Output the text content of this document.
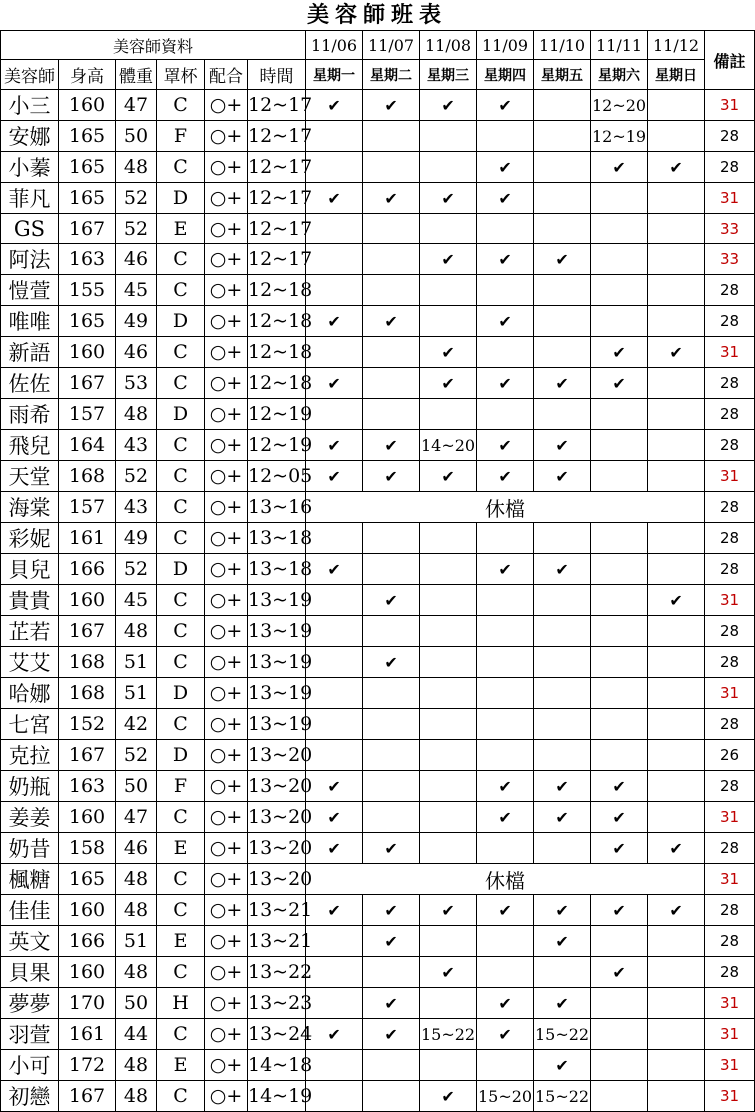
美容師班表
美容師資料						11/06	11/07	11/08	11/09	11/10	11/11	11/12	備註
美容師	身高	體重	罩杯	配合	時間	星期一	星期二	星期三	星期四	星期五	星期六	星期日	
小三	160	47	C	○+	12~17	✔	✔	✔	✔		12~20		31
安娜	165	50	F	○+	12~17						12~19		28
小蓁	165	48	C	○+	12~17				✔		✔	✔	28
菲凡	165	52	D	○+	12~17	✔	✔	✔	✔				31
GS	167	52	E	○+	12~17								33
阿法	163	46	C	○+	12~17			✔	✔	✔			33
愷萱	155	45	C	○+	12~18								28
唯唯	165	49	D	○+	12~18	✔	✔		✔				28
新語	160	46	C	○+	12~18			✔			✔	✔	31
佐佐	167	53	C	○+	12~18	✔		✔	✔	✔	✔		28
雨希	157	48	D	○+	12~19								28
飛兒	164	43	C	○+	12~19	✔	✔	14~20	✔	✔			28
天堂	168	52	C	○+	12~05	✔	✔	✔	✔	✔			31
海棠	157	43	C	○+	13~16	休檔							28
彩妮	161	49	C	○+	13~18								28
貝兒	166	52	D	○+	13~18	✔			✔	✔			28
貴貴	160	45	C	○+	13~19		✔					✔	31
芷若	167	48	C	○+	13~19								28
艾艾	168	51	C	○+	13~19		✔						28
哈娜	168	51	D	○+	13~19								31
七宮	152	42	C	○+	13~19								28
克拉	167	52	D	○+	13~20								26
奶瓶	163	50	F	○+	13~20	✔			✔	✔	✔		28
姜姜	160	47	C	○+	13~20	✔			✔	✔	✔		31
奶昔	158	46	E	○+	13~20	✔	✔				✔	✔	28
楓糖	165	48	C	○+	13~20	休檔							31
佳佳	160	48	C	○+	13~21	✔	✔	✔	✔	✔	✔	✔	28
英文	166	51	E	○+	13~21		✔			✔			28
貝果	160	48	C	○+	13~22			✔			✔		28
夢夢	170	50	H	○+	13~23		✔		✔	✔			31
羽萱	161	44	C	○+	13~24	✔	✔	15~22	✔	15~22			31
小可	172	48	E	○+	14~18					✔			31
初戀	167	48	C	○+	14~19			✔	15~20	15~22			31
